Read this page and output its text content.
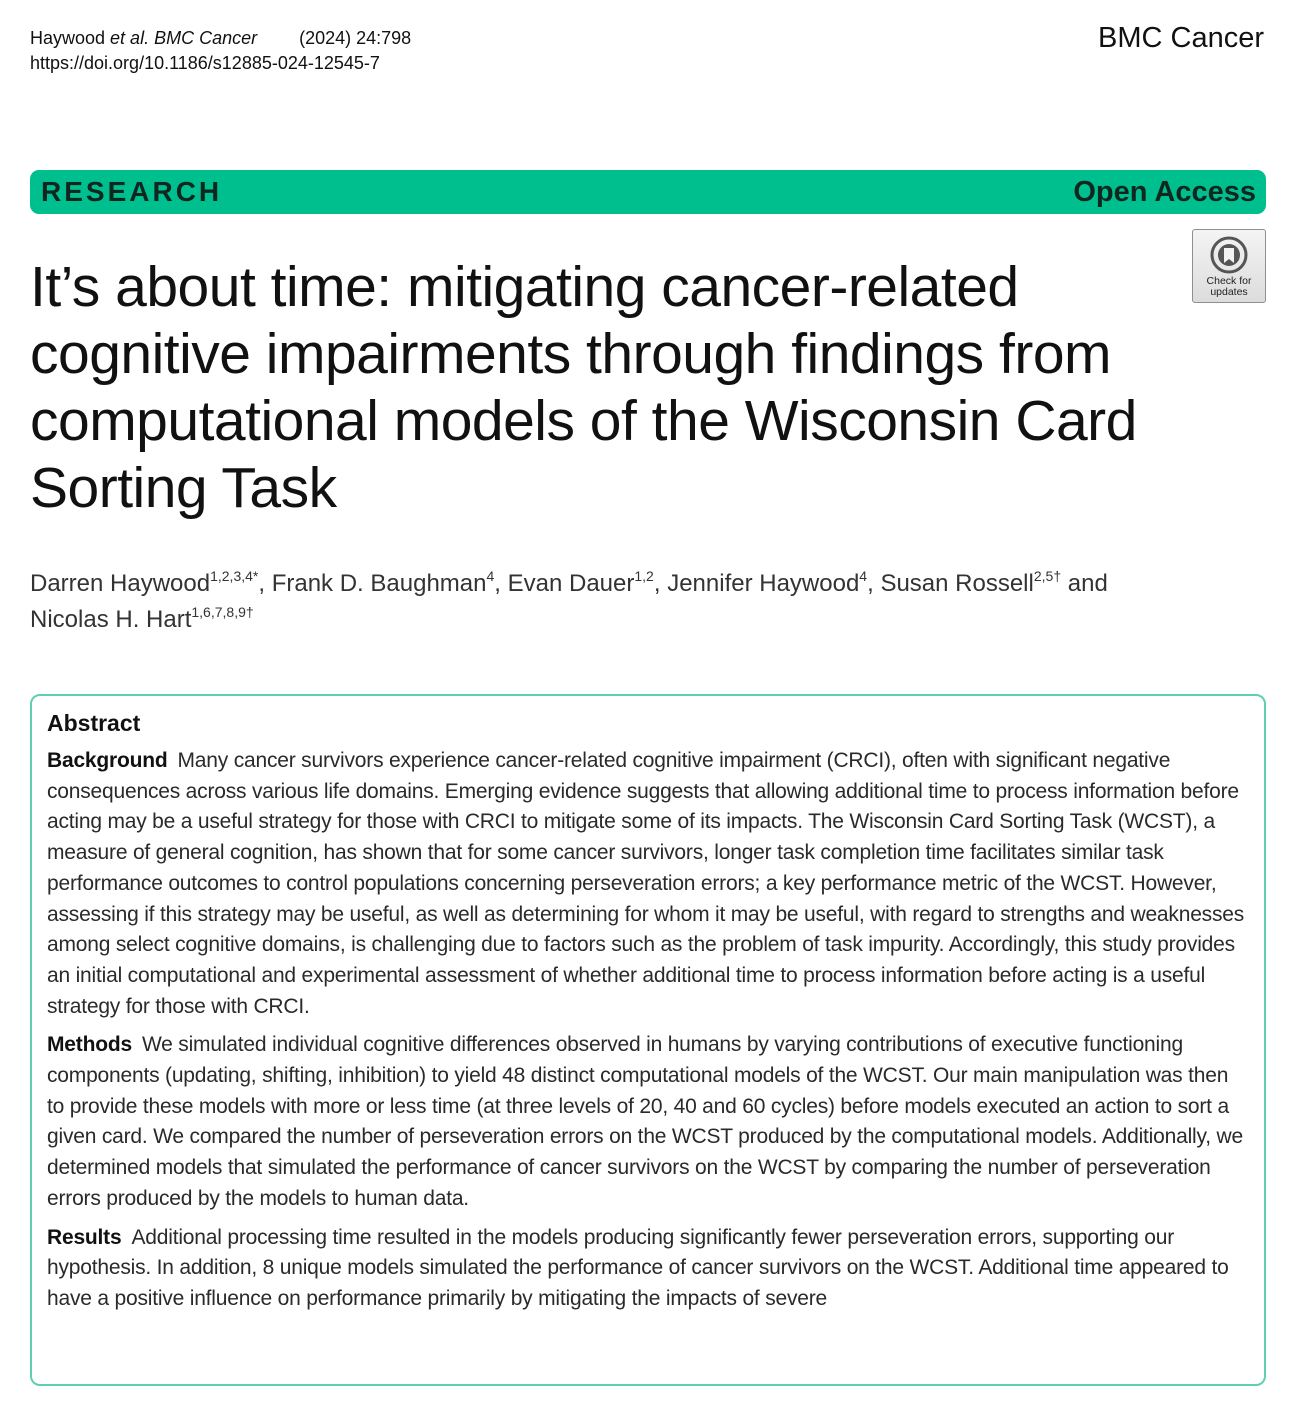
Haywood et al. BMC Cancer (2024) 24:798
https://doi.org/10.1186/s12885-024-12545-7
BMC Cancer
RESEARCH	Open Access
Check for
updates
It’s about time: mitigating cancer-related cognitive impairments through findings from computational models of the Wisconsin Card Sorting Task
Darren Haywood$^{1,2,3,4*}$, Frank D. Baughman$^4$, Evan Dauer$^{1,2}$, Jennifer Haywood$^4$, Susan Rossell$^{2,5\dagger}$ and
Nicolas H. Hart$^{1,6,7,8,9\dagger}$
Abstract

Background Many cancer survivors experience cancer-related cognitive impairment (CRCI), often with significant negative consequences across various life domains. Emerging evidence suggests that allowing additional time to process information before acting may be a useful strategy for those with CRCI to mitigate some of its impacts. The Wisconsin Card Sorting Task (WCST), a measure of general cognition, has shown that for some cancer survivors, longer task completion time facilitates similar task performance outcomes to control populations concerning perseveration errors; a key performance metric of the WCST. However, assessing if this strategy may be useful, as well as determining for whom it may be useful, with regard to strengths and weaknesses among select cognitive domains, is challenging due to factors such as the problem of task impurity. Accordingly, this study provides an initial computational and experimental assessment of whether additional time to process information before acting is a useful strategy for those with CRCI.

Methods We simulated individual cognitive differences observed in humans by varying contributions of executive functioning components (updating, shifting, inhibition) to yield 48 distinct computational models of the WCST. Our main manipulation was then to provide these models with more or less time (at three levels of 20, 40 and 60 cycles) before models executed an action to sort a given card. We compared the number of perseveration errors on the WCST produced by the computational models. Additionally, we determined models that simulated the performance of cancer survivors on the WCST by comparing the number of perseveration errors produced by the models to human data.

Results Additional processing time resulted in the models producing significantly fewer perseveration errors, supporting our hypothesis. In addition, 8 unique models simulated the performance of cancer survivors on the WCST. Additional time appeared to have a positive influence on performance primarily by mitigating the impacts of severe
